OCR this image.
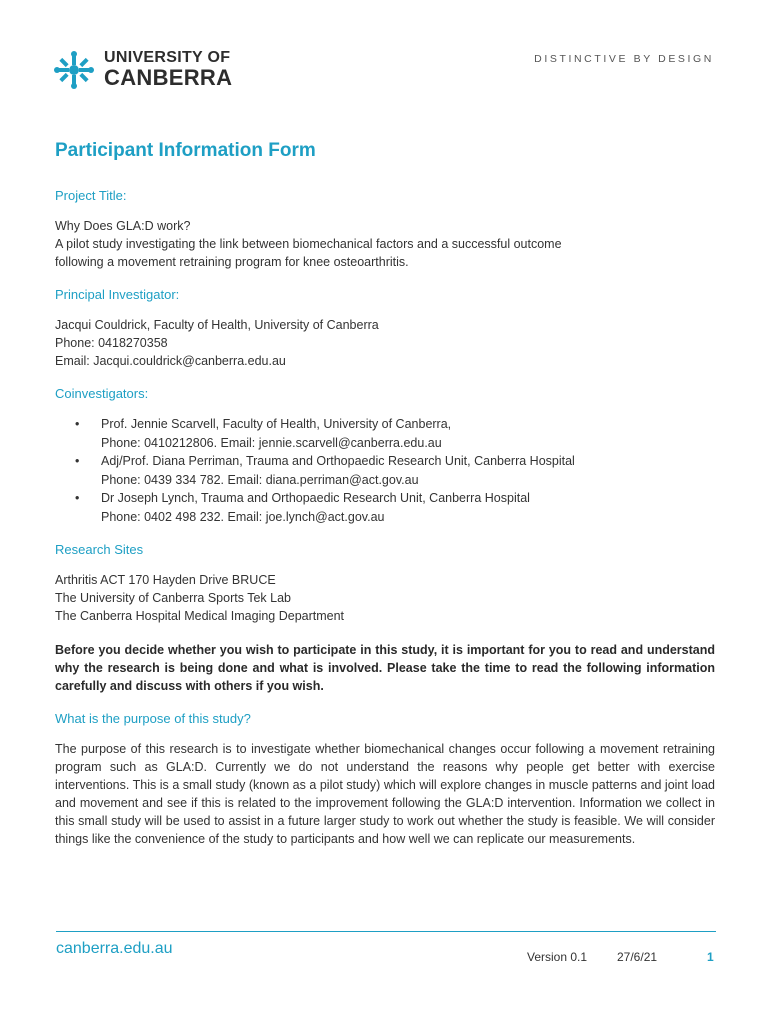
UNIVERSITY OF
CANBERRA
DISTINCTIVE BY DESIGN
Participant Information Form
Project Title:
Why Does GLA:D work?
A pilot study investigating the link between biomechanical factors and a successful outcome
following a movement retraining program for knee osteoarthritis.
Principal Investigator:
Jacqui Couldrick, Faculty of Health, University of Canberra
Phone: 0418270358
Email: Jacqui.couldrick@canberra.edu.au
Coinvestigators:
• Prof. Jennie Scarvell, Faculty of Health, University of Canberra,
Phone: 0410212806. Email: jennie.scarvell@canberra.edu.au
• Adj/Prof. Diana Perriman, Trauma and Orthopaedic Research Unit, Canberra Hospital
Phone: 0439 334 782. Email: diana.perriman@act.gov.au
• Dr Joseph Lynch, Trauma and Orthopaedic Research Unit, Canberra Hospital
Phone: 0402 498 232. Email: joe.lynch@act.gov.au
Research Sites
Arthritis ACT 170 Hayden Drive BRUCE
The University of Canberra Sports Tek Lab
The Canberra Hospital Medical Imaging Department

Before you decide whether you wish to participate in this study, it is important for you to read and understand why the research is being done and what is involved. Please take the time to read the following information carefully and discuss with others if you wish.

What is the purpose of this study?

The purpose of this research is to investigate whether biomechanical changes occur following a movement retraining program such as GLA:D. Currently we do not understand the reasons why people get better with exercise interventions. This is a small study (known as a pilot study) which will explore changes in muscle patterns and joint load and movement and see if this is related to the improvement following the GLA:D intervention. Information we collect in this small study will be used to assist in a future larger study to work out whether the study is feasible. We will consider things like the convenience of the study to participants and how well we can replicate our measurements.

canberra.edu.au	Version 0.1 27/6/21	1
